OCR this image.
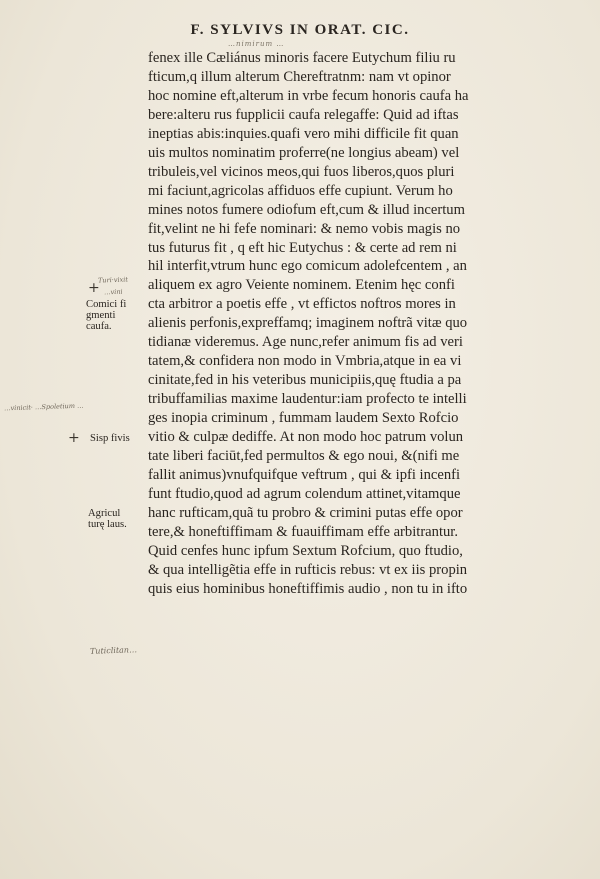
F. SYLVIVS IN ORAT. CIC.
…nimirum …
fenex ille Cæliánus minoris facere Eutychum filiu ru
fticum,q illum alterum Chereftratnm: nam vt opinor
hoc nomine eft,alterum in vrbe fecum honoris caufa ha
bere:alteru rus fupplicii caufa relegaffe: Quid ad iftas
ineptias abis:inquies.quafi vero mihi difficile fit quan
uis multos nominatim proferre(ne longius abeam) vel
tribuleis,vel vicinos meos,qui fuos liberos,quos pluri
mi faciunt,agricolas affiduos effe cupiunt. Verum ho
mines notos fumere odiofum eft,cum & illud incertum
fit,velint ne hi fefe nominari: & nemo vobis magis no
tus futurus fit , q eft hic Eutychus : & certe ad rem ni
hil interfit,vtrum hunc ego comicum adolefcentem , an
aliquem ex agro Veiente nominem. Etenim hęc confi
cta arbitror a poetis effe , vt effictos noftros mores in
alienis perfonis,expreffamq; imaginem noftrã vitæ quo
tidianæ videremus. Age nunc,refer animum fis ad veri
tatem,& confidera non modo in Vmbria,atque in ea vi
cinitate,fed in his veteribus municipiis,quę ftudia a pa
tribuffamilias maxime laudentur:iam profecto te intelli
ges inopia criminum , fummam laudem Sexto Rofcio
vitio & culpæ dediffe. At non modo hoc patrum volun
tate liberi faciūt,fed permultos & ego noui, &(nifi me
fallit animus)vnufquifque veftrum , qui & ipfi incenfi
funt ftudio,quod ad agrum colendum attinet,vitamque
hanc rufticam,quã tu probro & crimini putas effe opor
tere,& honeftiffimam & fuauiffimam effe arbitrantur.
Quid cenfes hunc ipfum Sextum Rofcium, quo ftudio,
& qua intelligẽtia effe in rufticis rebus: vt ex iis propin
quis eius hominibus honeftiffimis audio , non tu in ifto
Comici fi
gmenti
caufa.
Sisp fivis
Agricul
turę laus.
+
Turi·vixit
…vini
…vinicit· …Spoletium …
+
Tuticlitan…
